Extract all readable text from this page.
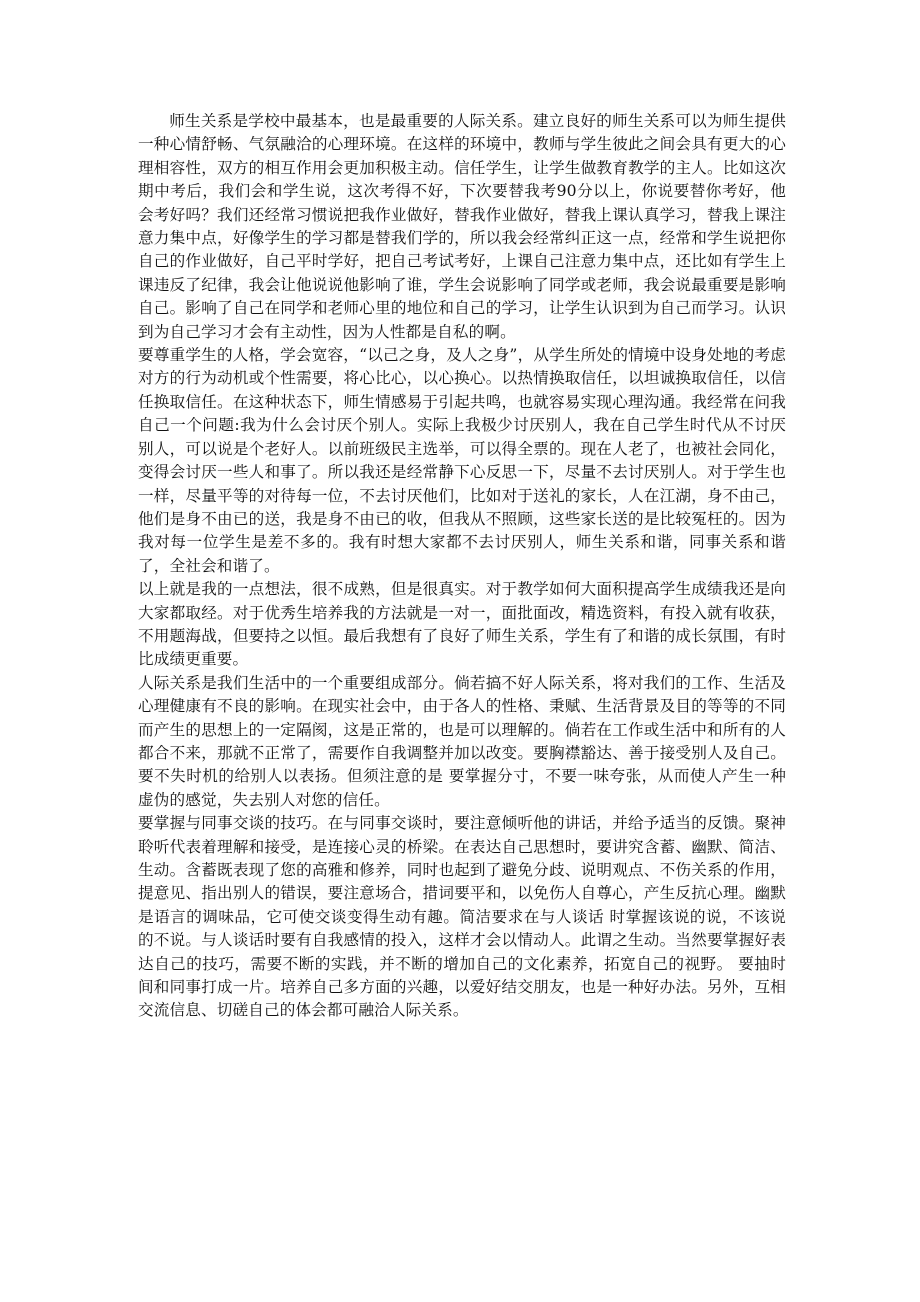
师生关系是学校中最基本，也是最重要的人际关系。建立良好的师生关系可以为师生提供一种心情舒畅、气氛融洽的心理环境。在这样的环境中，教师与学生彼此之间会具有更大的心理相容性，双方的相互作用会更加积极主动。信任学生，让学生做教育教学的主人。比如这次期中考后，我们会和学生说，这次考得不好，下次要替我考90分以上，你说要替你考好，他会考好吗？我们还经常习惯说把我作业做好，替我作业做好，替我上课认真学习，替我上课注意力集中点，好像学生的学习都是替我们学的，所以我会经常纠正这一点，经常和学生说把你自己的作业做好，自己平时学好，把自己考试考好，上课自己注意力集中点，还比如有学生上课违反了纪律，我会让他说说他影响了谁，学生会说影响了同学或老师，我会说最重要是影响自己。影响了自己在同学和老师心里的地位和自己的学习，让学生认识到为自己而学习。认识到为自己学习才会有主动性，因为人性都是自私的啊。

要尊重学生的人格，学会宽容，“以己之身，及人之身”，从学生所处的情境中设身处地的考虑对方的行为动机或个性需要，将心比心，以心换心。以热情换取信任，以坦诚换取信任，以信任换取信任。在这种状态下，师生情感易于引起共鸣，也就容易实现心理沟通。我经常在问我自己一个问题:我为什么会讨厌个别人。实际上我极少讨厌别人，我在自己学生时代从不讨厌别人，可以说是个老好人。以前班级民主选举，可以得全票的。现在人老了，也被社会同化，变得会讨厌一些人和事了。所以我还是经常静下心反思一下，尽量不去讨厌别人。对于学生也一样，尽量平等的对待每一位，不去讨厌他们，比如对于送礼的家长，人在江湖，身不由己，他们是身不由已的送，我是身不由已的收，但我从不照顾，这些家长送的是比较冤枉的。因为我对每一位学生是差不多的。我有时想大家都不去讨厌别人，师生关系和谐，同事关系和谐了，全社会和谐了。

以上就是我的一点想法，很不成熟，但是很真实。对于教学如何大面积提高学生成绩我还是向大家都取经。对于优秀生培养我的方法就是一对一，面批面改，精选资料，有投入就有收获，不用题海战，但要持之以恒。最后我想有了良好了师生关系，学生有了和谐的成长氛围，有时比成绩更重要。

人际关系是我们生活中的一个重要组成部分。倘若搞不好人际关系，将对我们的工作、生活及心理健康有不良的影响。在现实社会中，由于各人的性格、秉赋、生活背景及目的等等的不同而产生的思想上的一定隔阂，这是正常的，也是可以理解的。倘若在工作或生活中和所有的人都合不来，那就不正常了，需要作自我调整并加以改变。要胸襟豁达、善于接受别人及自己。要不失时机的给别人以表扬。但须注意的是 要掌握分寸，不要一味夸张，从而使人产生一种虚伪的感觉，失去别人对您的信任。

要掌握与同事交谈的技巧。在与同事交谈时，要注意倾听他的讲话，并给予适当的反馈。聚神聆听代表着理解和接受，是连接心灵的桥梁。在表达自己思想时，要讲究含蓄、幽默、简洁、生动。含蓄既表现了您的高雅和修养，同时也起到了避免分歧、说明观点、不伤关系的作用，提意见、指出别人的错误，要注意场合，措词要平和，以免伤人自尊心，产生反抗心理。幽默是语言的调味品，它可使交谈变得生动有趣。简洁要求在与人谈话 时掌握该说的说，不该说的不说。与人谈话时要有自我感情的投入，这样才会以情动人。此谓之生动。当然要掌握好表达自己的技巧，需要不断的实践，并不断的增加自己的文化素养，拓宽自己的视野。 要抽时间和同事打成一片。培养自己多方面的兴趣，以爱好结交朋友，也是一种好办法。另外，互相交流信息、切磋自己的体会都可融洽人际关系。
